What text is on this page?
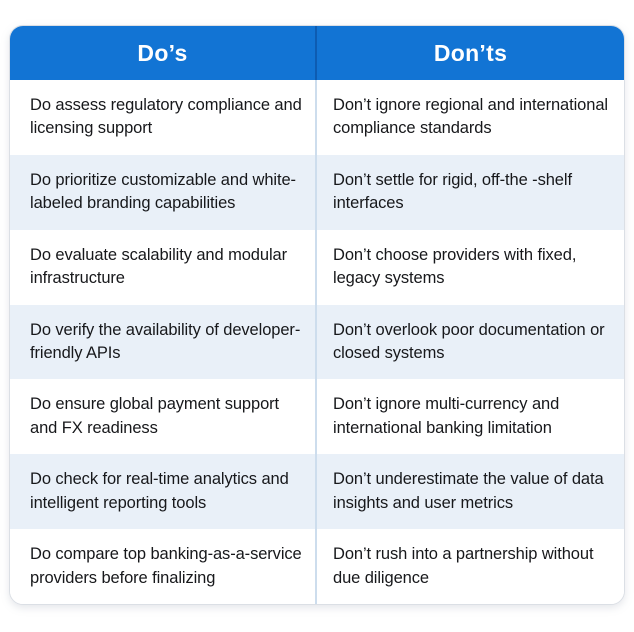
Do’s	Don’ts
Do assess regulatory compliance and licensing support
Don’t ignore regional and international compliance standards
Do prioritize customizable and white-labeled branding capabilities
Don’t settle for rigid, off-the -shelf interfaces
Do evaluate scalability and modular infrastructure
Don’t choose providers with fixed, legacy systems
Do verify the availability of developer-friendly APIs
Don’t overlook poor documentation or closed systems
Do ensure global payment support and FX readiness
Don’t ignore multi-currency and international banking limitation
Do check for real-time analytics and intelligent reporting tools
Don’t underestimate the value of data insights and user metrics
Do compare top banking-as-a-service providers before finalizing
Don’t rush into a partnership without due diligence
